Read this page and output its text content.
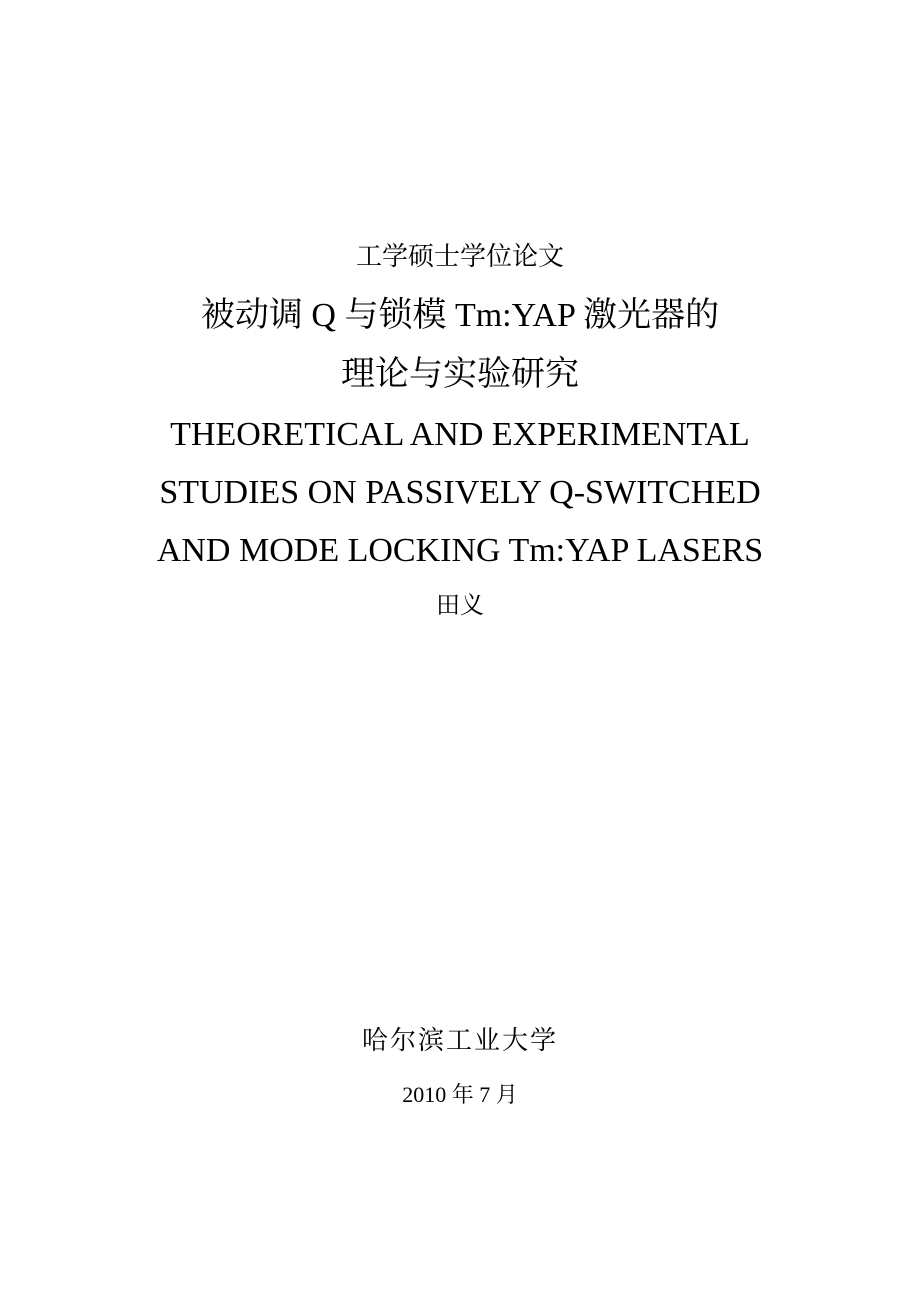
工学硕士学位论文
被动调 Q 与锁模 Tm:YAP 激光器的
理论与实验研究
THEORETICAL AND EXPERIMENTAL
STUDIES ON PASSIVELY Q-SWITCHED
AND MODE LOCKING Tm:YAP LASERS
田义
哈尔滨工业大学
2010 年 7 月
